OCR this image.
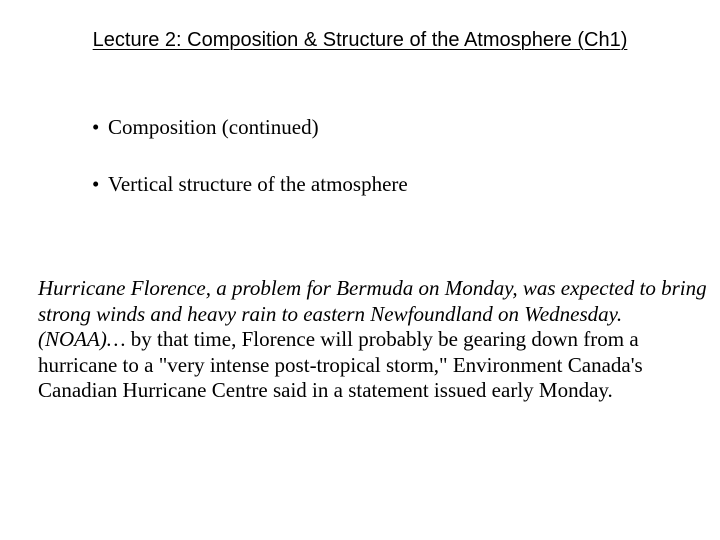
Lecture 2: Composition & Structure of the Atmosphere (Ch1)
• Composition (continued)
• Vertical structure of the atmosphere

Hurricane Florence, a problem for Bermuda on Monday, was expected to bring strong winds and heavy rain to eastern Newfoundland on Wednesday. (NOAA)… by that time, Florence will probably be gearing down from a hurricane to a "very intense post-tropical storm," Environment Canada's Canadian Hurricane Centre said in a statement issued early Monday.
